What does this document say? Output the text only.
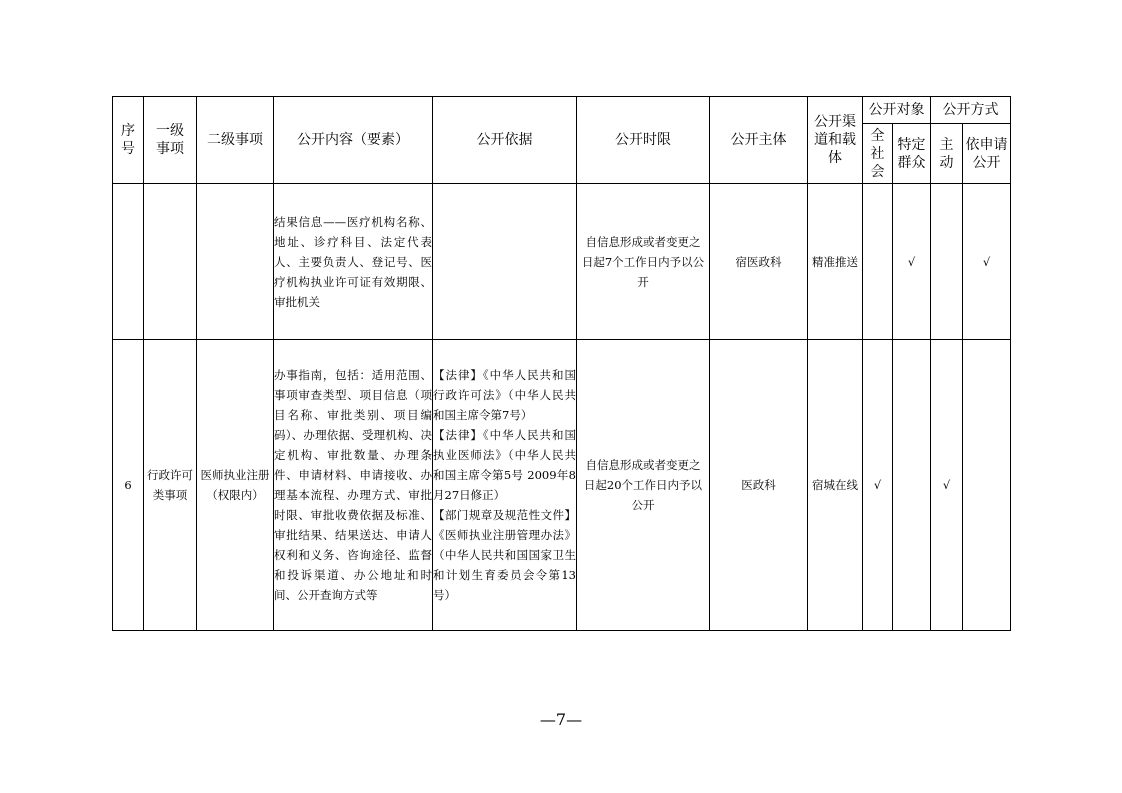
序号	一级事项	二级事项	公开内容（要素）	公开依据	公开时限	公开主体	公开渠道和载体	公开对象		公开方式	

								全社会	特定群众	主动	依申请公开

			结果信息——医疗机构名称、地址、诊疗科目、法定代表人、主要负责人、登记号、医疗机构执业许可证有效期限、审批机关		自信息形成或者变更之日起7个工作日内予以公开	宿医政科	精准推送		√		√
6	行政许可类事项	医师执业注册（权限内）	办事指南，包括：适用范围、事项审查类型、项目信息（项目名称、审批类别、项目编码）、办理依据、受理机构、决定机构、审批数量、办理条件、申请材料、申请接收、办理基本流程、办理方式、审批时限、审批收费依据及标准、审批结果、结果送达、申请人权利和义务、咨询途径、监督和投诉渠道、办公地址和时间、公开查询方式等	【法律】《中华人民共和国行政许可法》（中华人民共和国主席令第7号）
【法律】《中华人民共和国执业医师法》（中华人民共和国主席令第5号 2009年8月27日修正）
【部门规章及规范性文件】《医师执业注册管理办法》（中华人民共和国国家卫生和计划生育委员会令第13号）	自信息形成或者变更之日起20个工作日内予以公开	医政科	宿城在线	√		√	
—7—
